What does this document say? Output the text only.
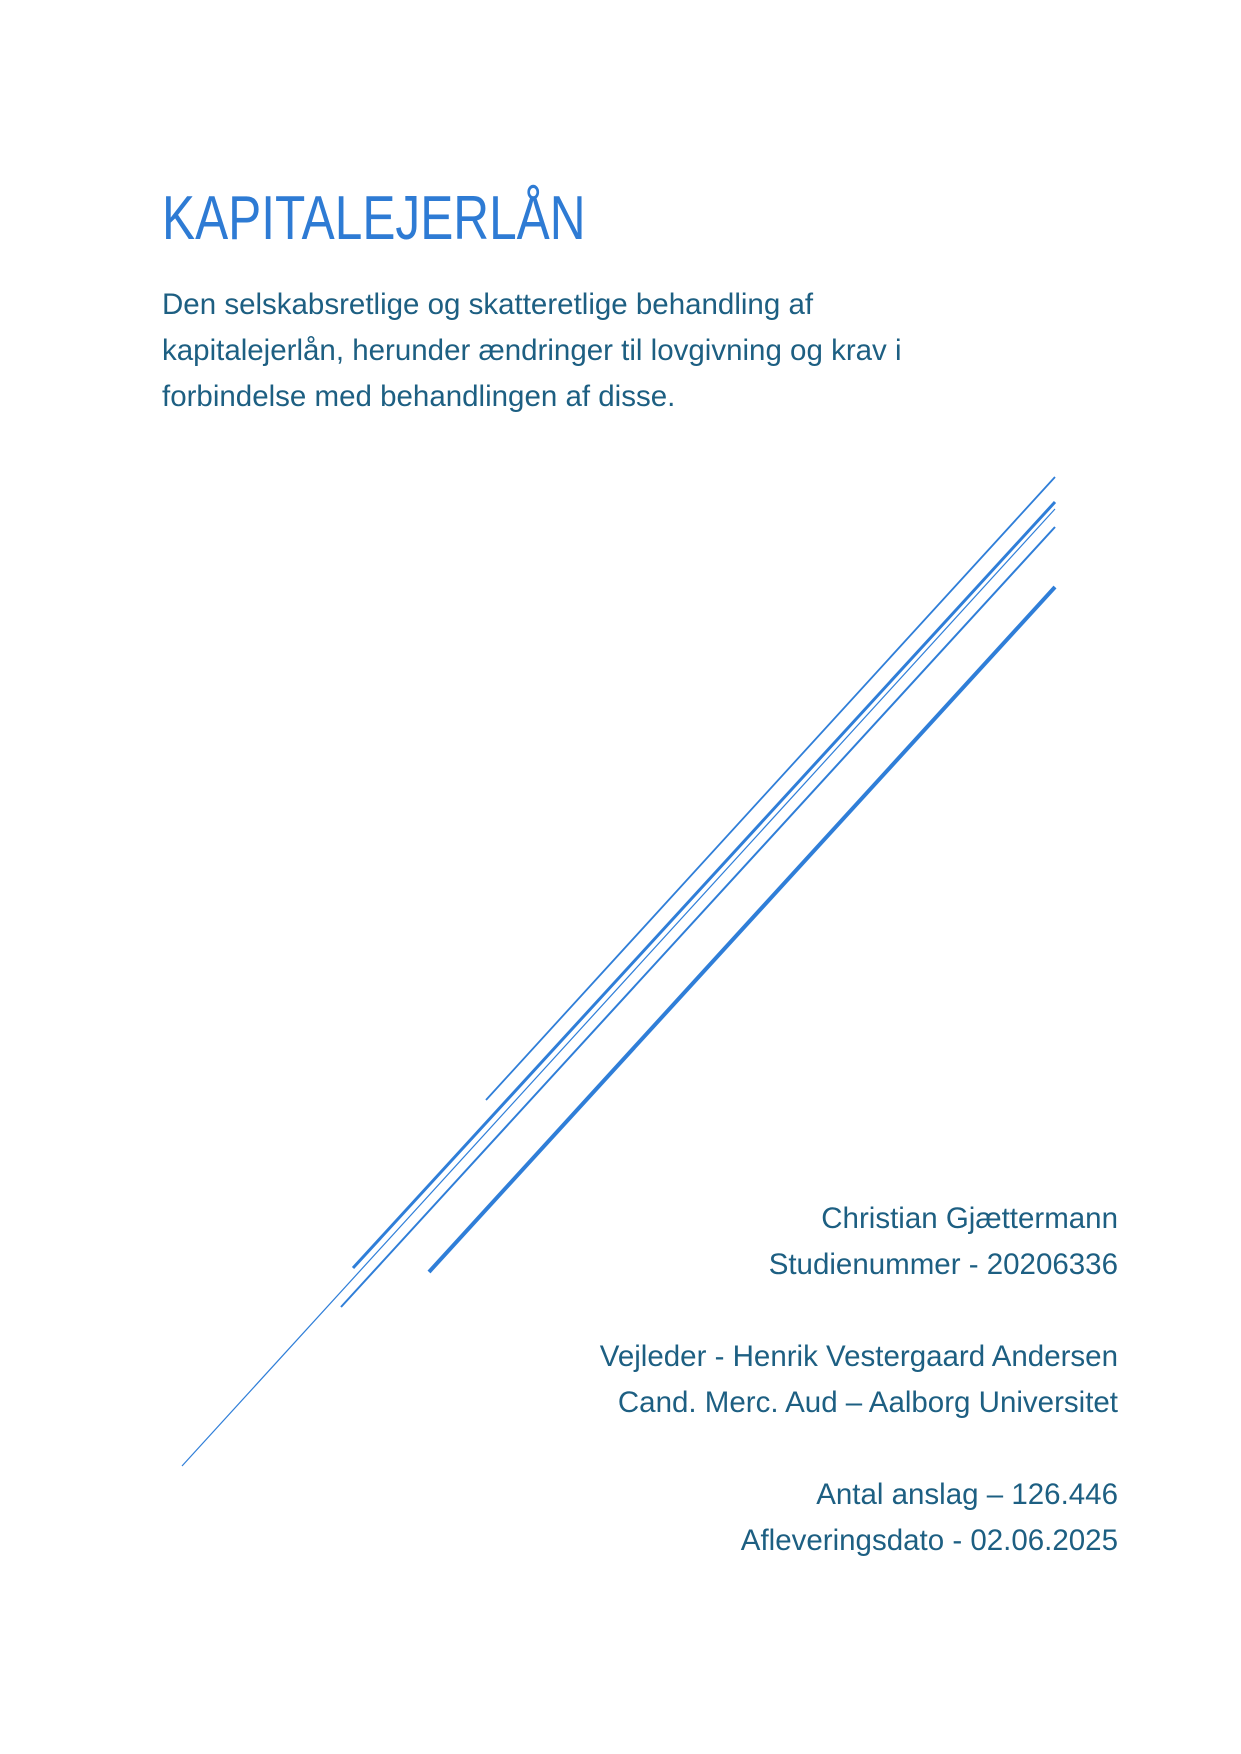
KAPITALEJERLÅN
Den selskabsretlige og skatteretlige behandling af
kapitalejerlån, herunder ændringer til lovgivning og krav i
forbindelse med behandlingen af disse.
Christian Gjættermann
Studienummer - 20206336
Vejleder - Henrik Vestergaard Andersen
Cand. Merc. Aud – Aalborg Universitet
Antal anslag – 126.446
Afleveringsdato - 02.06.2025
